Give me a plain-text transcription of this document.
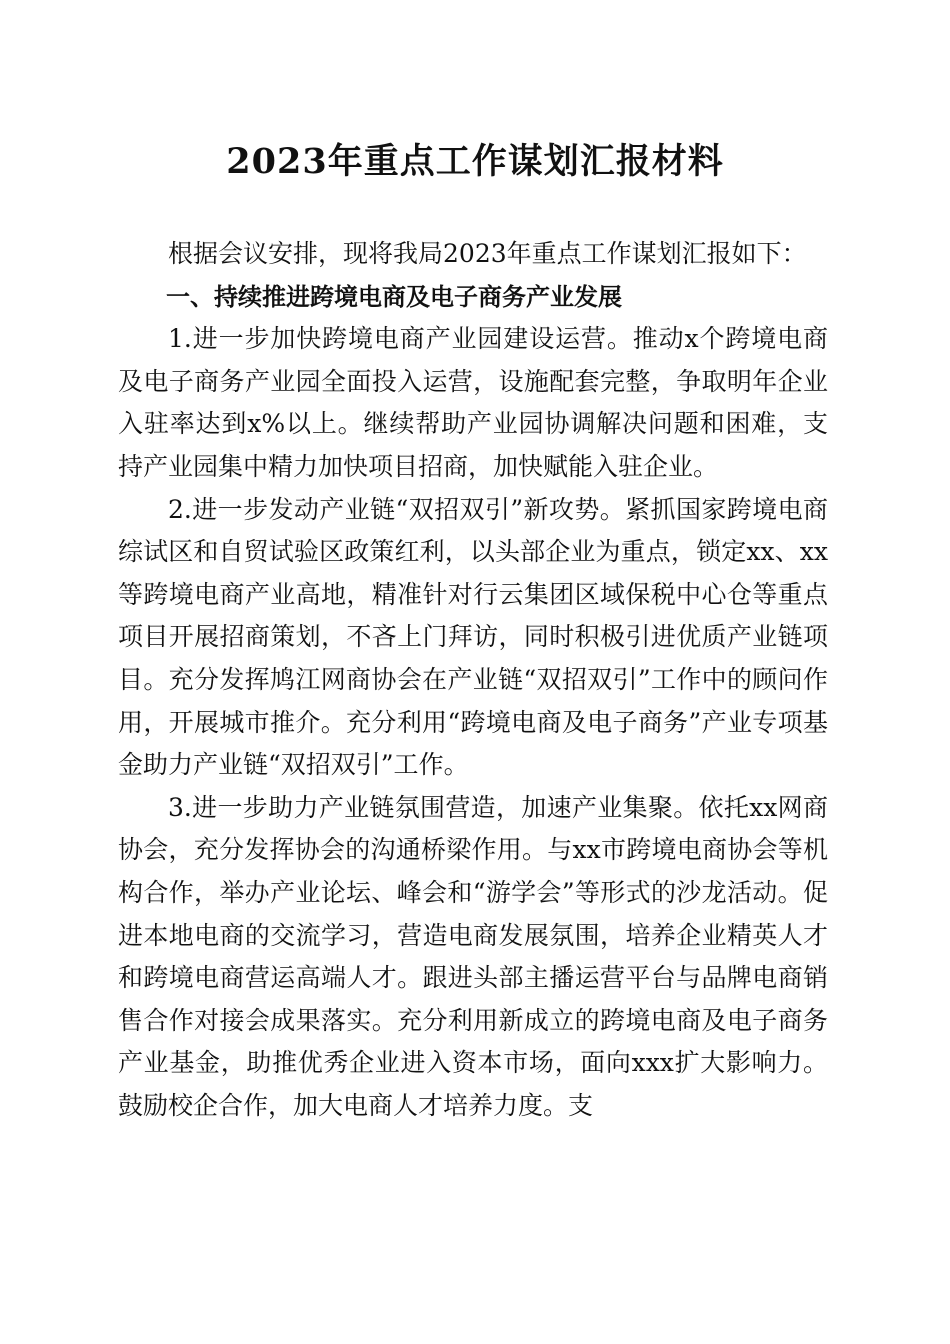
2023年重点工作谋划汇报材料

根据会议安排，现将我局2023年重点工作谋划汇报如下：

一、持续推进跨境电商及电子商务产业发展

1.进一步加快跨境电商产业园建设运营。推动x个跨境电商及电子商务产业园全面投入运营，设施配套完整，争取明年企业入驻率达到x%以上。继续帮助产业园协调解决问题和困难，支持产业园集中精力加快项目招商，加快赋能入驻企业。

2.进一步发动产业链“双招双引”新攻势。紧抓国家跨境电商综试区和自贸试验区政策红利，以头部企业为重点，锁定xx、xx等跨境电商产业高地，精准针对行云集团区域保税中心仓等重点项目开展招商策划，不吝上门拜访，同时积极引进优质产业链项目。充分发挥鸠江网商协会在产业链“双招双引”工作中的顾问作用，开展城市推介。充分利用“跨境电商及电子商务”产业专项基金助力产业链“双招双引”工作。

3.进一步助力产业链氛围营造，加速产业集聚。依托xx网商协会，充分发挥协会的沟通桥梁作用。与xx市跨境电商协会等机构合作，举办产业论坛、峰会和“游学会”等形式的沙龙活动。促进本地电商的交流学习，营造电商发展氛围，培养企业精英人才和跨境电商营运高端人才。跟进头部主播运营平台与品牌电商销售合作对接会成果落实。充分利用新成立的跨境电商及电子商务产业基金，助推优秀企业进入资本市场，面向xxx扩大影响力。鼓励校企合作，加大电商人才培养力度。支
